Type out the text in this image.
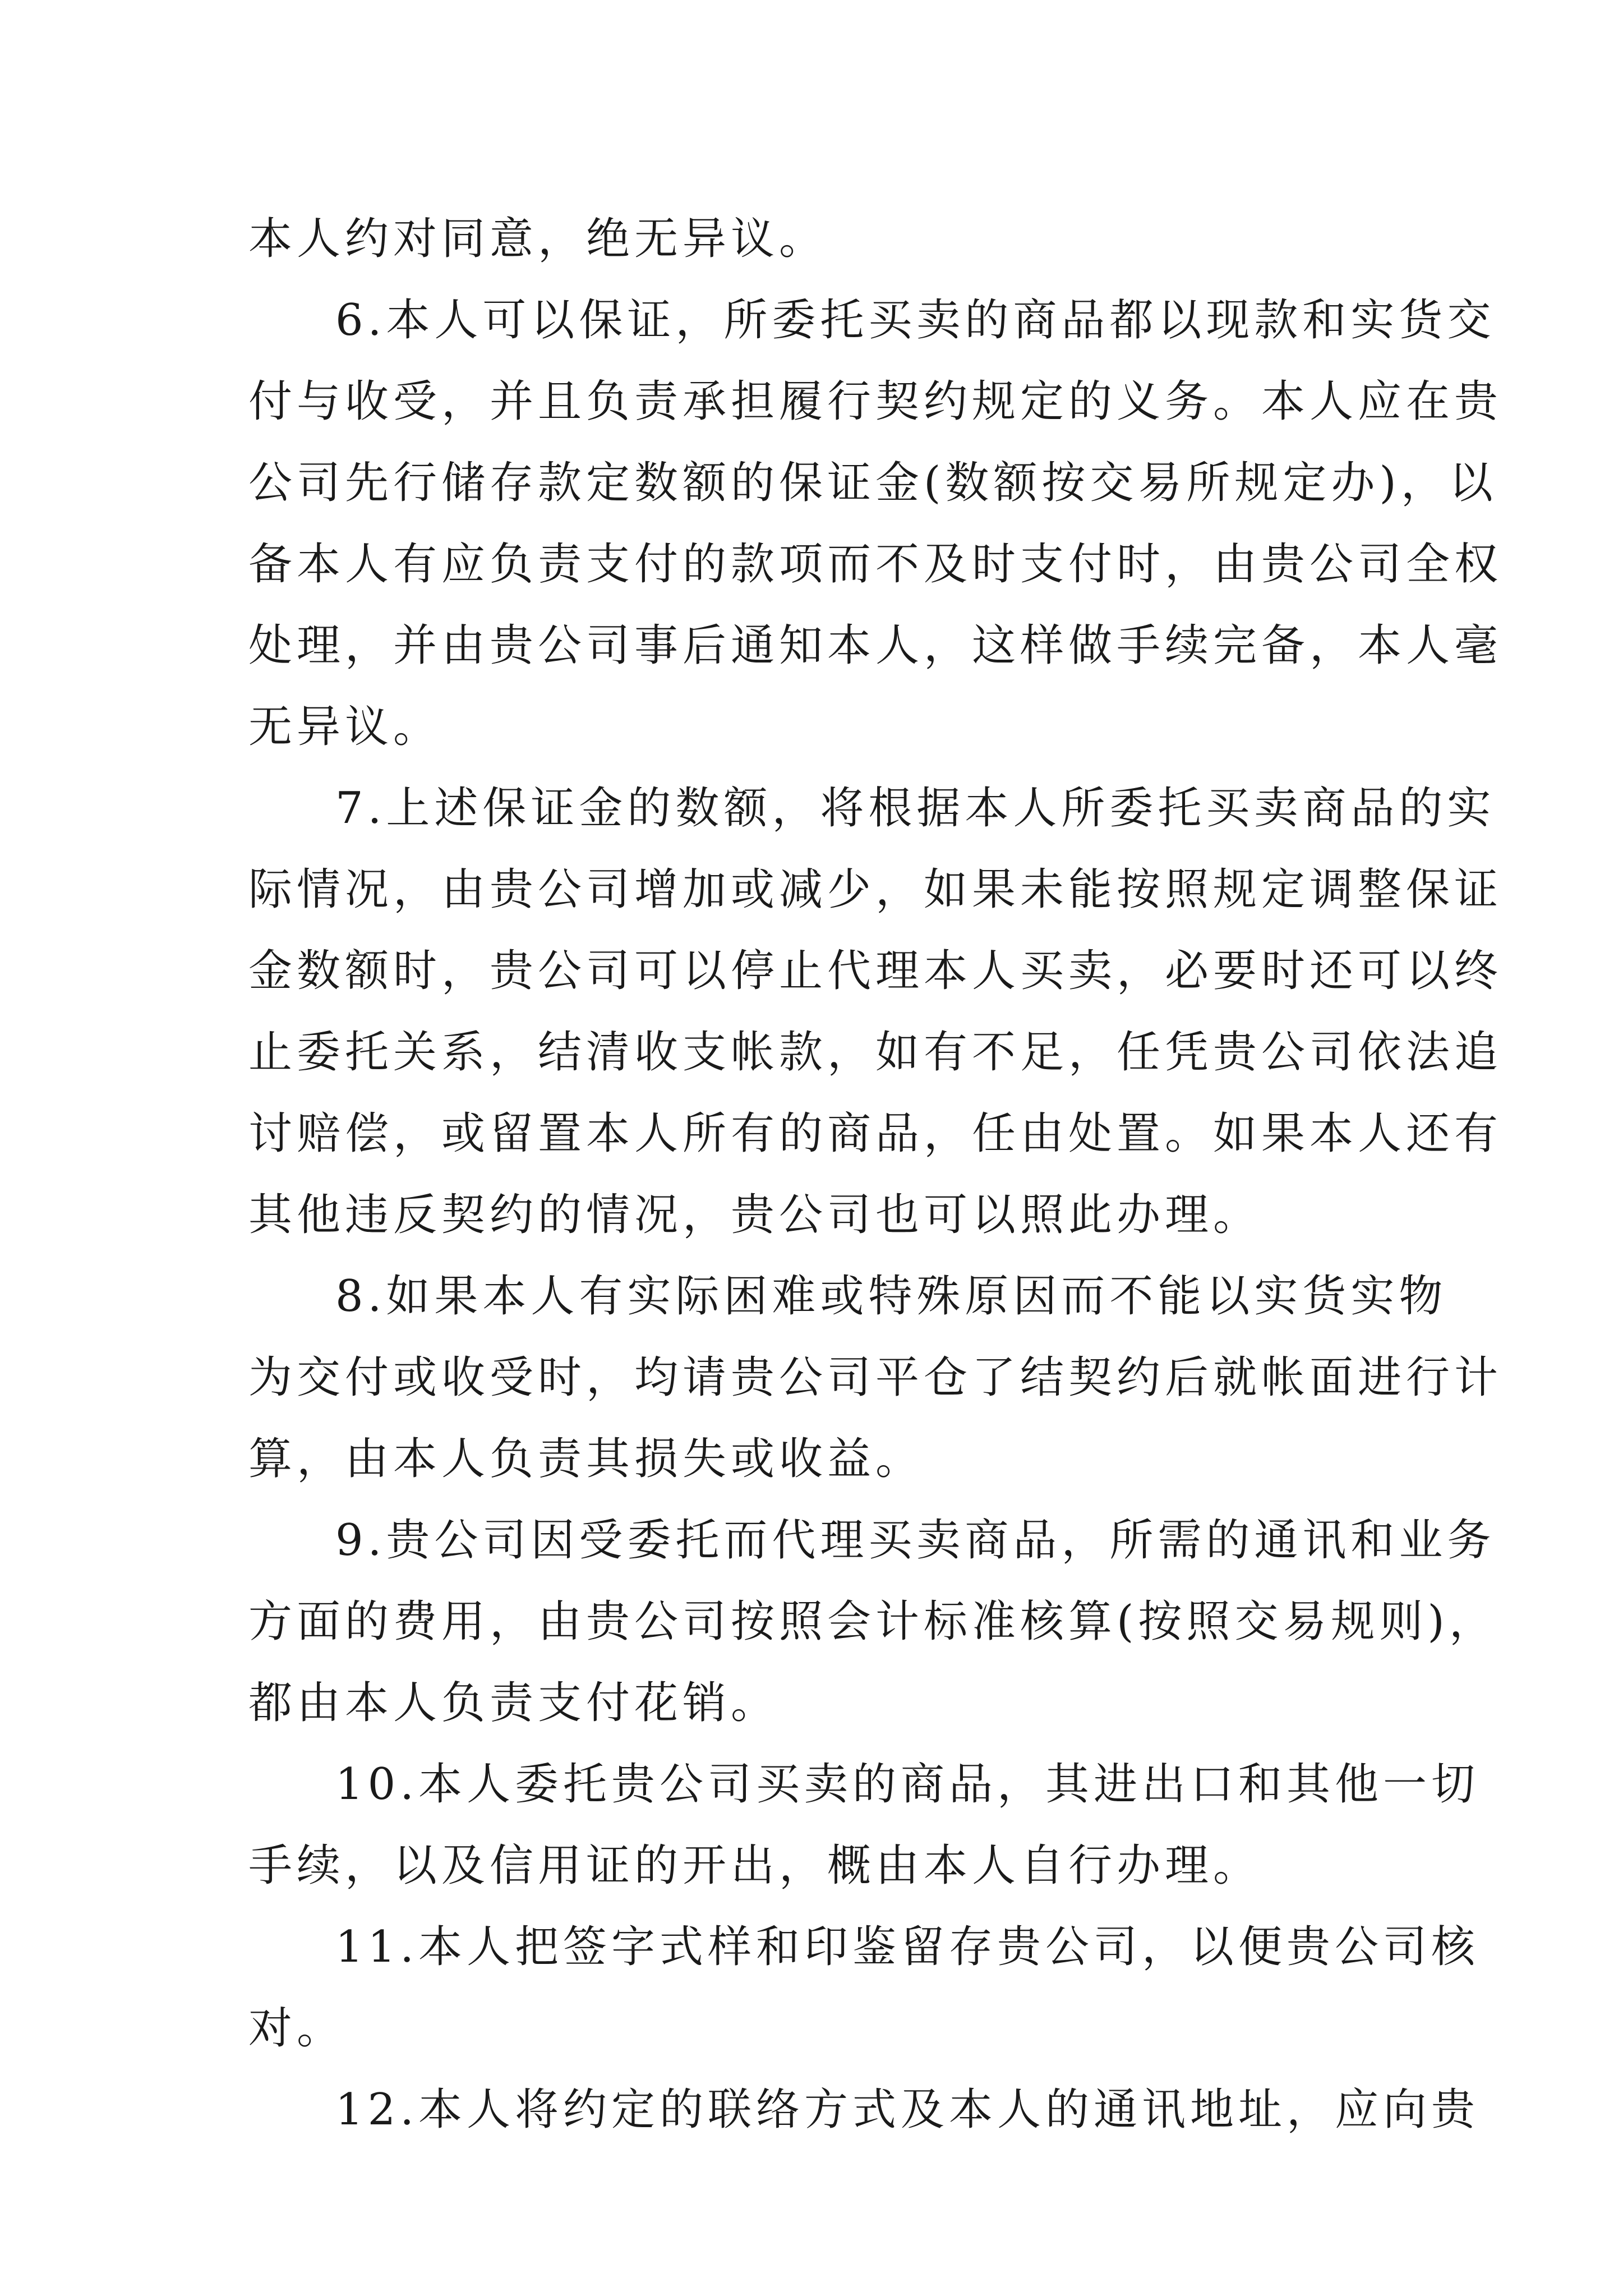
本人约对同意，绝无异议。
6.本人可以保证，所委托买卖的商品都以现款和实货交
付与收受，并且负责承担履行契约规定的义务。本人应在贵
公司先行储存款定数额的保证金(数额按交易所规定办)，以
备本人有应负责支付的款项而不及时支付时，由贵公司全权
处理，并由贵公司事后通知本人，这样做手续完备，本人毫
无异议。
7.上述保证金的数额，将根据本人所委托买卖商品的实
际情况，由贵公司增加或减少，如果未能按照规定调整保证
金数额时，贵公司可以停止代理本人买卖，必要时还可以终
止委托关系，结清收支帐款，如有不足，任凭贵公司依法追
讨赔偿，或留置本人所有的商品，任由处置。如果本人还有
其他违反契约的情况，贵公司也可以照此办理。
8.如果本人有实际困难或特殊原因而不能以实货实物
为交付或收受时，均请贵公司平仓了结契约后就帐面进行计
算，由本人负责其损失或收益。
9.贵公司因受委托而代理买卖商品，所需的通讯和业务
方面的费用，由贵公司按照会计标准核算(按照交易规则)，
都由本人负责支付花销。
10.本人委托贵公司买卖的商品，其进出口和其他一切
手续，以及信用证的开出，概由本人自行办理。
11.本人把签字式样和印鉴留存贵公司，以便贵公司核
对。
12.本人将约定的联络方式及本人的通讯地址，应向贵
